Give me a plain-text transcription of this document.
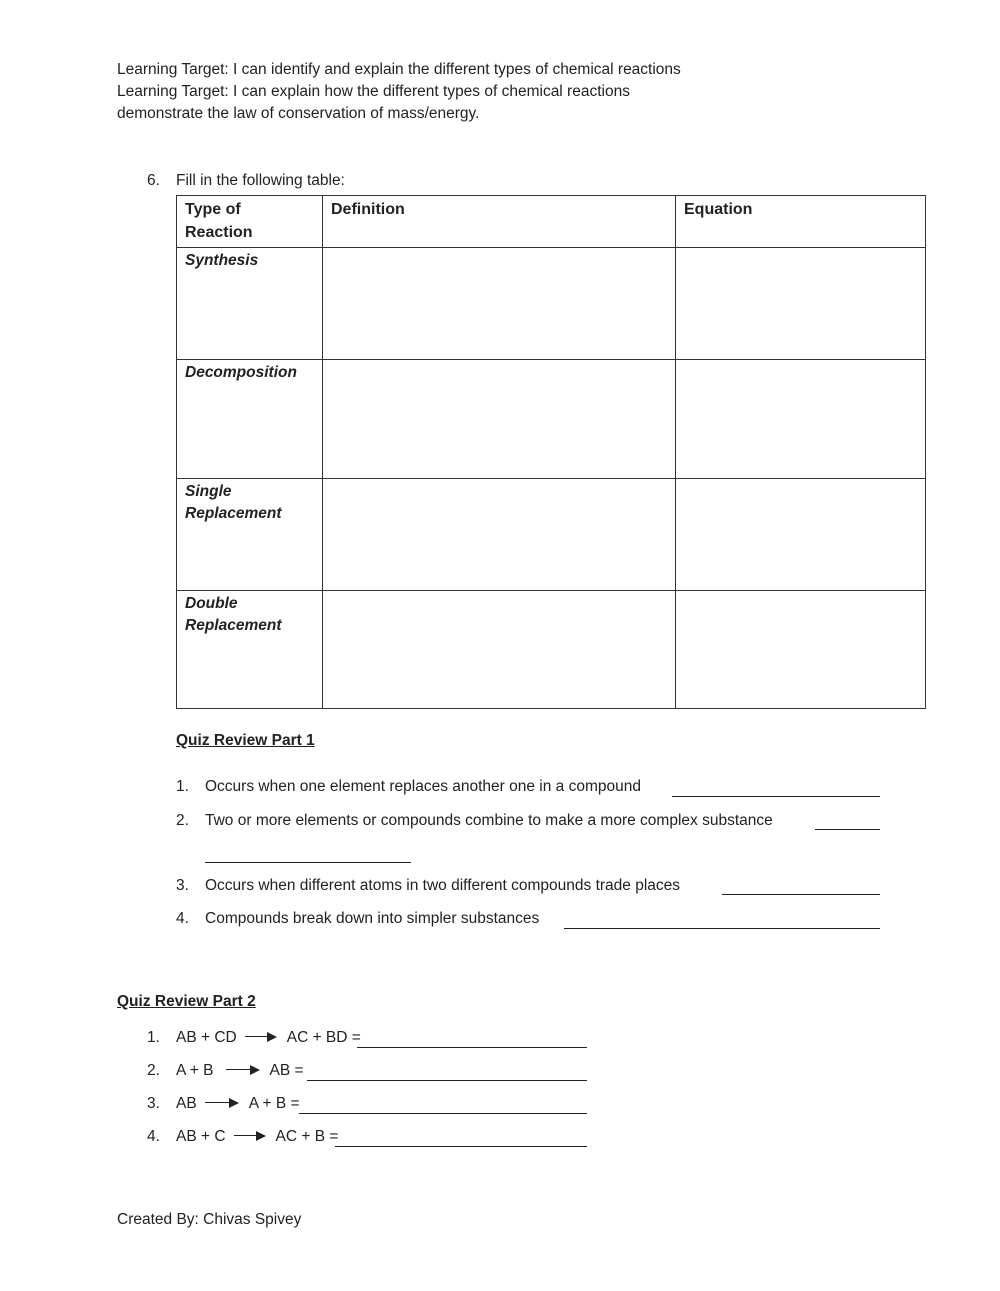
Learning Target: I can identify and explain the different types of chemical reactions
Learning Target: I can explain how the different types of chemical reactions
demonstrate the law of conservation of mass/energy.
6. Fill in the following table:
Type of
Reaction	Definition	Equation
Synthesis		
Decomposition		
Single
Replacement		
Double
Replacement		
Quiz Review Part 1
1.	Occurs when one element replaces another one in a compound
2.	Two or more elements or compounds combine to make a more complex substance
3.	Occurs when different atoms in two different compounds trade places
4.	Compounds break down into simpler substances
Quiz Review Part 2
1.	AB + CD	AC + BD =
2.	A + B	AB =
3.	AB	A + B =
4.	AB + C	AC + B =
Created By: Chivas Spivey
